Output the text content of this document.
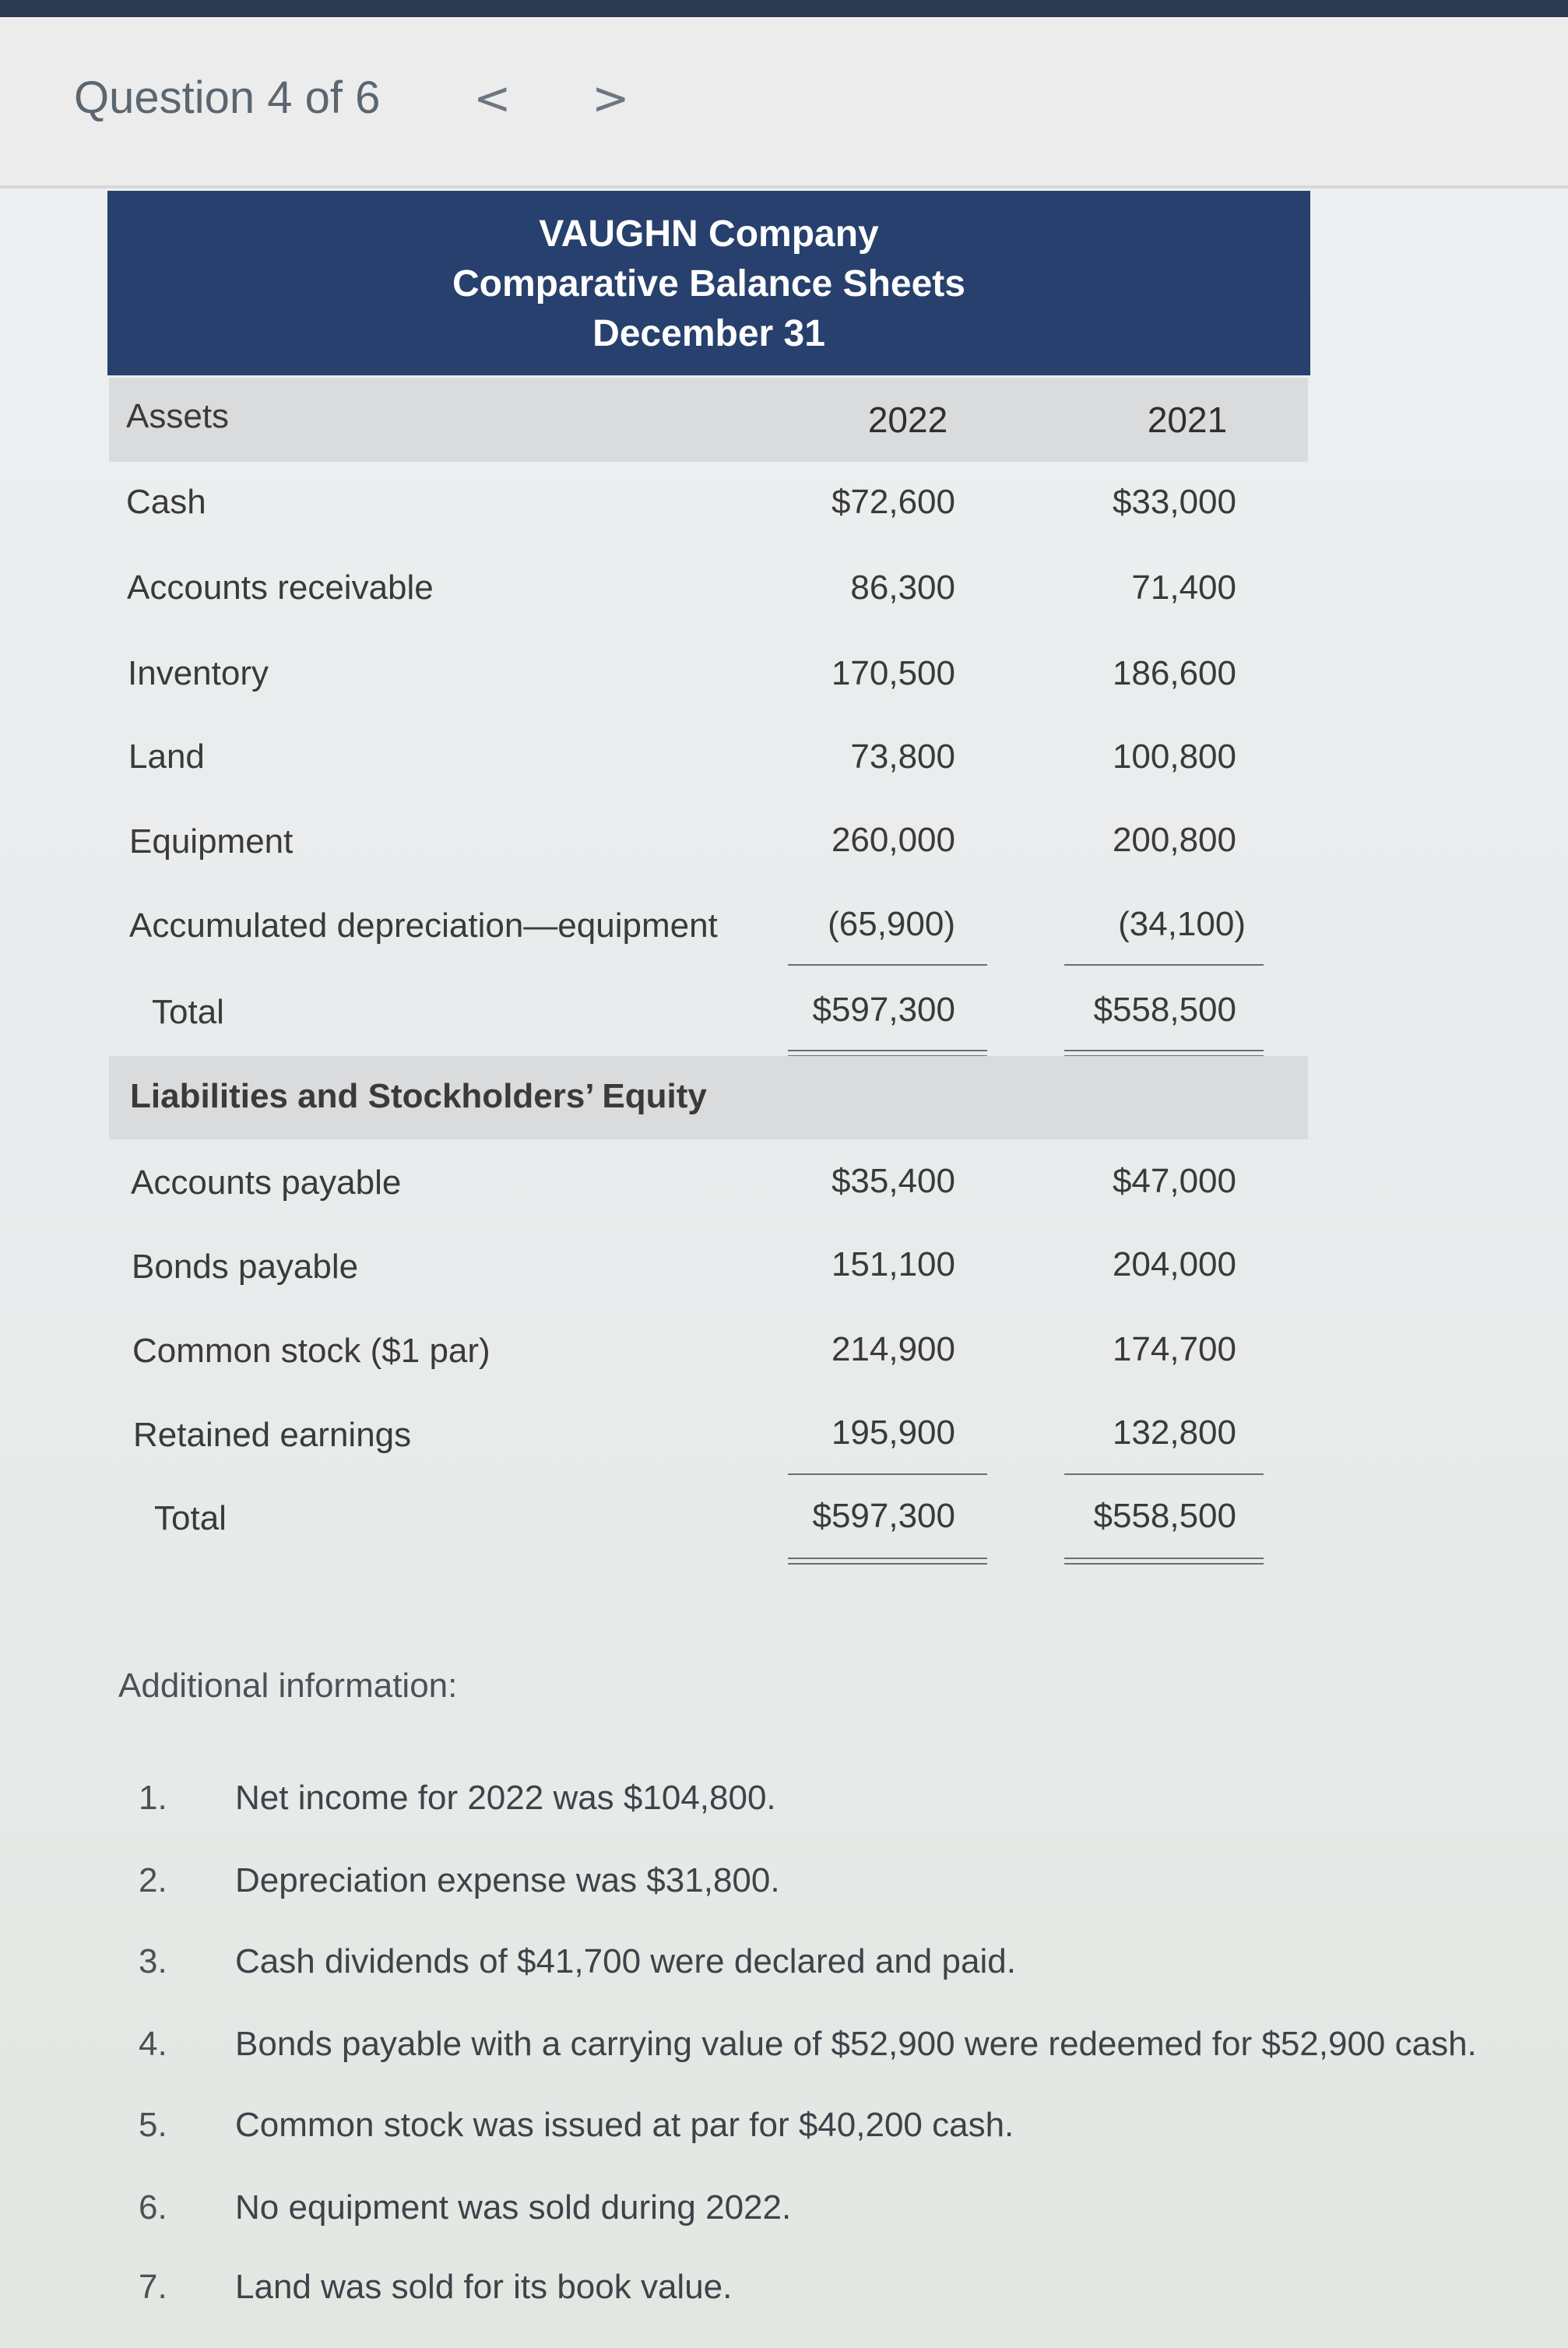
Question 4 of 6 < >
VAUGHN Company
Comparative Balance Sheets
December 31
Assets	2022	2021
Cash	$72,600	$33,000
Accounts receivable	86,300	71,400
Inventory	170,500	186,600
Land	73,800	100,800
Equipment	260,000	200,800
Accumulated depreciation—equipment	(65,900)	(34,100)
Total	$597,300	$558,500
Liabilities and Stockholders’ Equity
Accounts payable	$35,400	$47,000
Bonds payable	151,100	204,000
Common stock ($1 par)	214,900	174,700
Retained earnings	195,900	132,800
Total	$597,300	$558,500
Additional information:
1.	Net income for 2022 was $104,800.
2.	Depreciation expense was $31,800.
3.	Cash dividends of $41,700 were declared and paid.
4.	Bonds payable with a carrying value of $52,900 were redeemed for $52,900 cash.
5.	Common stock was issued at par for $40,200 cash.
6.	No equipment was sold during 2022.
7.	Land was sold for its book value.
